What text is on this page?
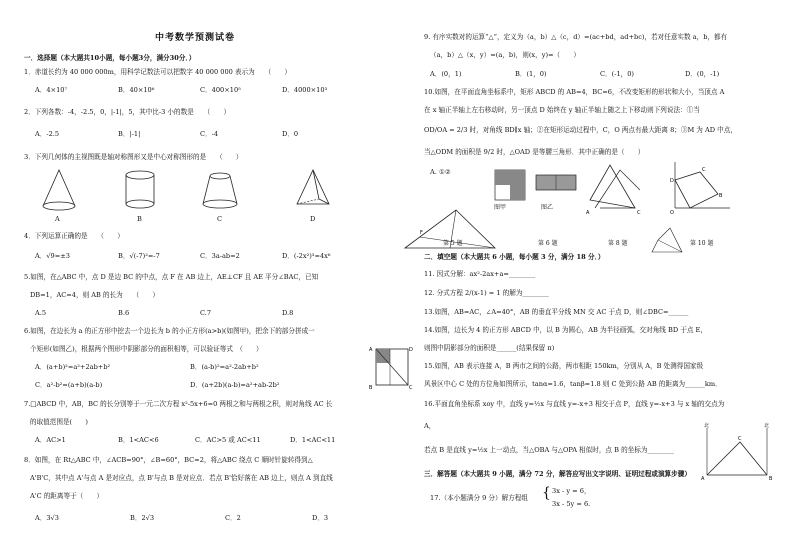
中考数学预测试卷
一．选择题（本大题共10小题，每小题3分，满分30分．）
1．赤道长约为 40 000 000m，用科学记数法可以把数字 40 000 000 表示为　　（　　）
A．4×10⁷	B．40×10⁶	C．400×10⁵	D．4000×10³
2．下列各数：-4，-2.5，0，|-1|，5，其中比-3 小的数是　　（　　）
A．-2.5	B．|-1|	C．-4	D．0
3．下列几何体的主视图既是轴对称图形又是中心对称图形的是　　（　　）
A	B	C	D
4．下列运算正确的是　　（　　）
A．√9=±3	B．√(-7)²=-7	C．3a-ab=2	D．(-2x²)³=4x⁶
5.如图，在△ABC 中，点 D 是边 BC 的中点，点 F 在 AB 边上，AE⊥CF 且 AE 平分∠BAC，已知
DB=1，AC=4，则 AB 的长为　　（　　）
A.5	B.6	C.7	D.8
6.如图，在边长为 a 的正方形中挖去一个边长为 b 的小正方形(a>b)(如图甲)，把余下的部分拼成一
个矩形(如图乙)，根据两个图形中阴影部分的面积相等，可以验证等式　（　　）
A．(a+b)²=a²+2ab+b²	B．(a-b)²=a²-2ab+b²
C．a²-b²=(a+b)(a-b)	D．(a+2b)(a-b)=a²+ab-2b²
A	D
B	C
7.□ABCD 中，AB，BC 的长分别等于一元二次方程 x²-5x+6=0 两根之和与两根之积，则对角线 AC 长
的取值范围是(　　)
A．AC>1	B．1<AC<6	C．AC>5 或 AC<11	D．1<AC<11
8．如图，在 Rt△ABC 中，∠ACB=90°，∠B=60°，BC=2，将△ABC 绕点 C 顺时针旋转得到△
A'B'C，其中点 A'与点 A 是对应点，点 B'与点 B 是对应点．若点 B'恰好落在 AB 边上，则点 A 到直线
A'C 的距离等于（　　）
A．3√3	B．2√3	C．2	D．3
9. 有序实数对的运算“△”，定义为（a，b）△（c，d）=(ac+bd，ad+bc)，若对任意实数 a，b，都有
（a，b）△（x，y）=(a，b)，则(x，y)=（　　）
A．(0，1)	B．(1，0)	C．(-1，0)	D．(0，-1)
10.如图，在平面直角坐标系中，矩形 ABCD 的 AB=4，BC=6，不改变矩形的形状和大小，当顶点 A
在 x 轴正半轴上左右移动时，另一顶点 D 始终在 y 轴正半轴上随之上下移动则下列说法：①当
OD/OA = 2/3 时，对角线 BD∥x 轴；②在矩形运动过程中，C，O 两点有最大距离 8；③M 为 AD 中点，
当△ODM 的面积是 9/2 时，△OAD 是等腰三角形．其中正确的是（　　）
A. ①②
F
A	C
D
C
B
O
图甲	图乙
第 5 题	第 6 题	第 8 题	第 10 题
二．填空题（本大题共 6 小题，每小题 3 分，满分 18 分．）
11. 因式分解：ax²-2ax+a=________
12. 分式方程 2/(x-1) = 1 的解为________
13.如图，AB=AC，∠A=40°，AB 的垂直平分线 MN 交 AC 于点 D，则∠DBC=______
14.如图，边长为 4 的正方形 ABCD 中，以 B 为圆心，AB 为半径画弧，交对角线 BD 于点 E，
则图中阴影部分的面积是______(结果保留 π)
15.如图，AB 表示连接 A，B 两市之间的公路，两市相距 150km，分别从 A，B 处测得国家级
风景区中心 C 处的方位角如图所示，tanα=1.6，tanβ=1.8 则 C 处到公路 AB 的距离为______km．
16.平面直角坐标系 xoy 中，直线 y=½x 与直线 y=-x+3 相交于点 P，直线 y=-x+3 与 x 轴的交点为
A，
若点 B 是直线 y=½x 上一动点，当△OBA 与△OPA 相似时，点 B 的坐标为________
北	北
C
A	B
三．解答题（本大题共 9 小题，满分 72 分，解答应写出文字说明、证明过程或演算步骤）
17.（本小题满分 9 分）解方程组 { 3x - y = 6，
3x - 5y = 6.
